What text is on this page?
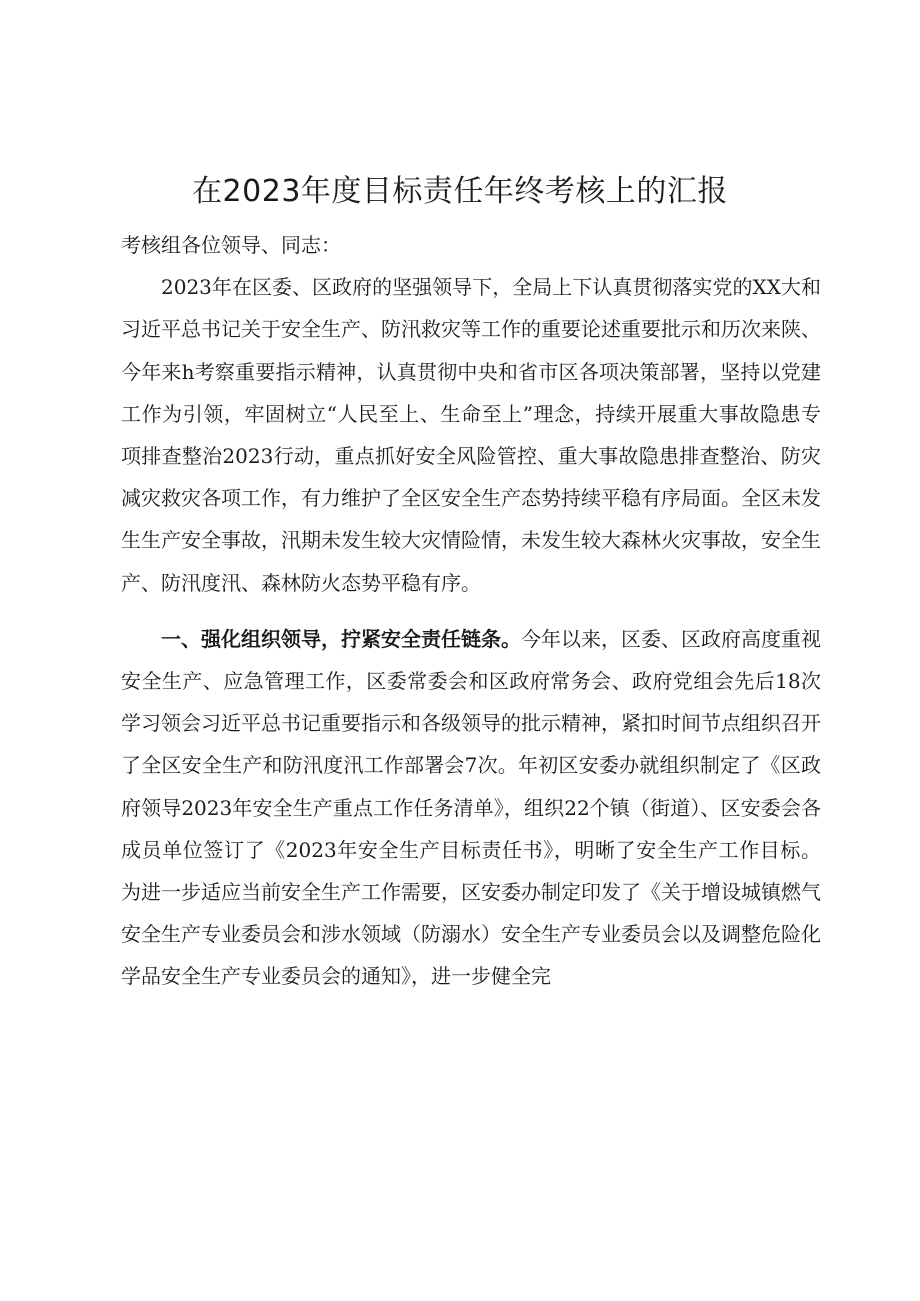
在2023年度目标责任年终考核上的汇报

考核组各位领导、同志：

2023年在区委、区政府的坚强领导下，全局上下认真贯彻落实党的XX大和习近平总书记关于安全生产、防汛救灾等工作的重要论述重要批示和历次来陕、今年来h考察重要指示精神，认真贯彻中央和省市区各项决策部署，坚持以党建工作为引领，牢固树立“人民至上、生命至上”理念，持续开展重大事故隐患专项排查整治2023行动，重点抓好安全风险管控、重大事故隐患排查整治、防灾减灾救灾各项工作，有力维护了全区安全生产态势持续平稳有序局面。全区未发生生产安全事故，汛期未发生较大灾情险情，未发生较大森林火灾事故，安全生产、防汛度汛、森林防火态势平稳有序。

一、强化组织领导，拧紧安全责任链条。今年以来，区委、区政府高度重视安全生产、应急管理工作，区委常委会和区政府常务会、政府党组会先后18次学习领会习近平总书记重要指示和各级领导的批示精神，紧扣时间节点组织召开了全区安全生产和防汛度汛工作部署会7次。年初区安委办就组织制定了《区政府领导2023年安全生产重点工作任务清单》，组织22个镇（街道）、区安委会各成员单位签订了《2023年安全生产目标责任书》，明晰了安全生产工作目标。为进一步适应当前安全生产工作需要，区安委办制定印发了《关于增设城镇燃气安全生产专业委员会和涉水领域（防溺水）安全生产专业委员会以及调整危险化学品安全生产专业委员会的通知》，进一步健全完
